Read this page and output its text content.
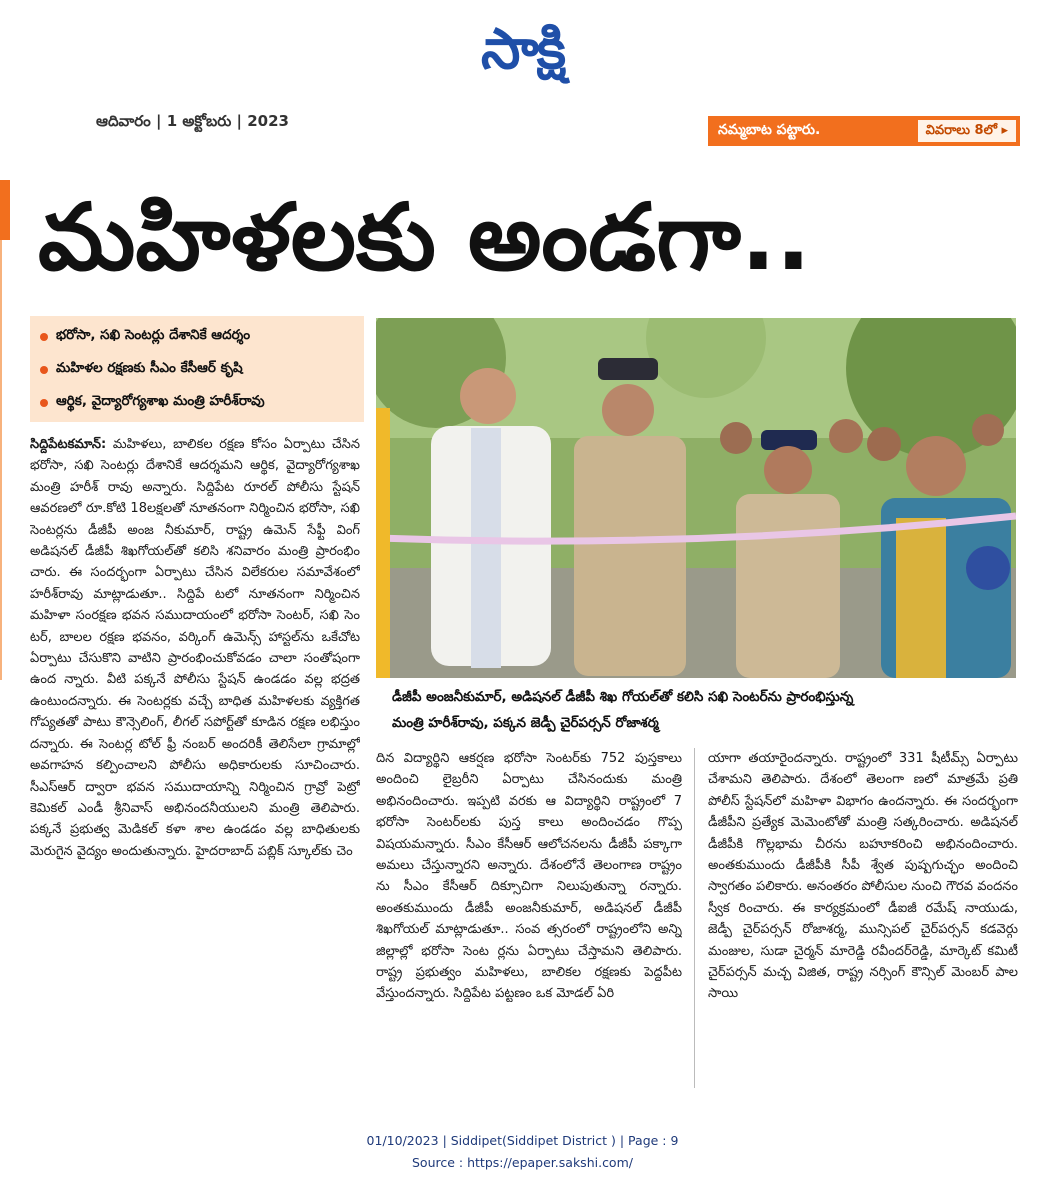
సాక్షి
ఆదివారం | 1 అక్టోబరు | 2023	నమ్మబాట పట్టారు.	వివరాలు 8లో ▸
మహిళలకు అండగా..
భరోసా, సఖి సెంటర్లు దేశానికే ఆదర్శం
మహిళల రక్షణకు సీఎం కేసీఆర్ కృషి
ఆర్థిక, వైద్యారోగ్యశాఖ మంత్రి హరీశ్‌రావు
డీజీపీ అంజనీకుమార్, అడిషనల్ డీజీపీ శిఖ గోయల్‌తో కలిసి సఖి సెంటర్‌ను ప్రారంభిస్తున్న
మంత్రి హరీశ్‌రావు, పక్కన జెడ్పీ చైర్‌పర్సన్ రోజాశర్మ
సిద్దిపేటకమాన్: మహిళలు, బాలికల రక్షణ కోసం ఏర్పాటు చేసిన భరోసా, సఖి సెంటర్లు దేశానికే ఆదర్శమని ఆర్థిక, వైద్యారోగ్యశాఖ మంత్రి హరీశ్ రావు అన్నారు. సిద్దిపేట రూరల్ పోలీసు స్టేషన్ ఆవరణలో రూ.కోటి 18లక్షలతో నూతనంగా నిర్మించిన భరోసా, సఖి సెంటర్లను డీజీపీ అంజ నీకుమార్, రాష్ట్ర ఉమెన్ సేఫ్టీ వింగ్ అడిషనల్ డీజీపీ శిఖగోయల్‌తో కలిసి శనివారం మంత్రి ప్రారంభిం చారు. ఈ సందర్భంగా ఏర్పాటు చేసిన విలేకరుల సమావేశంలో హరీశ్‌రావు మాట్లాడుతూ.. సిద్దిపే టలో నూతనంగా నిర్మించిన మహిళా సంరక్షణ భవన సముదాయంలో భరోసా సెంటర్, సఖి సెం టర్, బాలల రక్షణ భవనం, వర్కింగ్ ఉమెన్స్ హాస్టల్‌ను ఒకేచోట ఏర్పాటు చేసుకొని వాటిని ప్రారంభించుకోవడం చాలా సంతోషంగా ఉంద న్నారు. వీటి పక్కనే పోలీసు స్టేషన్ ఉండడం వల్ల భద్రత ఉంటుందన్నారు. ఈ సెంటర్లకు వచ్చే బాధిత మహిళలకు వ్యక్తిగత గోప్యతతో పాటు కౌన్సెలింగ్, లీగల్ సపోర్ట్‌తో కూడిన రక్షణ లభిస్తుం దన్నారు. ఈ సెంటర్ల టోల్ ఫ్రీ నంబర్ అందరికీ తెలిసేలా గ్రామాల్లో అవగాహన కల్పించాలని పోలీసు అధికారులకు సూచించారు. సీఎస్ఆర్ ద్వారా భవన సముదాయాన్ని నిర్మించిన గ్రావ్రో పెట్రో కెమికల్ ఎండీ శ్రీనివాస్ అభినందనీయులని మంత్రి తెలిపారు. పక్కనే ప్రభుత్వ మెడికల్ కళా శాల ఉండడం వల్ల బాధితులకు మెరుగైన వైద్యం అందుతున్నారు. హైదరాబాద్ పబ్లిక్ స్కూల్‌కు చెం
దిన విద్యార్థిని ఆకర్షణ భరోసా సెంటర్‌కు 752 పుస్తకాలు అందించి లైబ్రరీని ఏర్పాటు చేసినందుకు మంత్రి అభినందించారు. ఇప్పటి వరకు ఆ విద్యార్థిని రాష్ట్రంలో 7 భరోసా సెంటర్‌లకు పుస్త కాలు అందించడం గొప్ప విషయమన్నారు. సీఎం కేసీఆర్ ఆలోచనలను డీజీపీ పక్కాగా అమలు చేస్తున్నారని అన్నారు. దేశంలోనే తెలంగాణ రాష్ట్రం ను సీఎం కేసీఆర్ దిక్సూచిగా నిలుపుతున్నా రన్నారు. అంతకుముందు డీజీపీ అంజనీకుమార్, అడిషనల్ డీజీపీ శిఖగోయల్ మాట్లాడుతూ.. సంవ త్సరంలో రాష్ట్రంలోని అన్ని జిల్లాల్లో భరోసా సెంట ర్లను ఏర్పాటు చేస్తామని తెలిపారు. రాష్ట్ర ప్రభుత్వం మహిళలు, బాలికల రక్షణకు పెద్దపీట వేస్తుందన్నారు. సిద్దిపేట పట్టణం ఒక మోడల్ ఏరి
యాగా తయారైందన్నారు. రాష్ట్రంలో 331 షీటీమ్స్ ఏర్పాటు చేశామని తెలిపారు. దేశంలో తెలంగా ణలో మాత్రమే ప్రతి పోలీస్ స్టేషన్‌లో మహిళా విభాగం ఉందన్నారు. ఈ సందర్భంగా డీజీపీని ప్రత్యేక మెమెంటోతో మంత్రి సత్కరించారు. అడిషనల్ డీజీపీకి గొల్లభామ చీరను బహూకరించి అభినందించారు. అంతకుముందు డీజీపీకి సీపీ శ్వేత పుష్పగుచ్ఛం అందించి స్వాగతం పలికారు. అనంతరం పోలీసుల నుంచి గౌరవ వందనం స్వీక రించారు. ఈ కార్యక్రమంలో డీఐజీ రమేష్ నాయుడు, జెడ్పీ చైర్‌పర్సన్ రోజాశర్మ, మున్సిపల్ చైర్‌పర్సన్ కడవెర్గు మంజుల, సుడా చైర్మన్ మారెడ్డి రవీందర్‌రెడ్డి, మార్కెట్ కమిటీ చైర్‌పర్సన్ మచ్చ విజిత, రాష్ట్ర నర్సింగ్ కౌన్సిల్ మెంబర్ పాల సాయి
01/10/2023 | Siddipet(Siddipet District ) | Page : 9
Source : https://epaper.sakshi.com/
